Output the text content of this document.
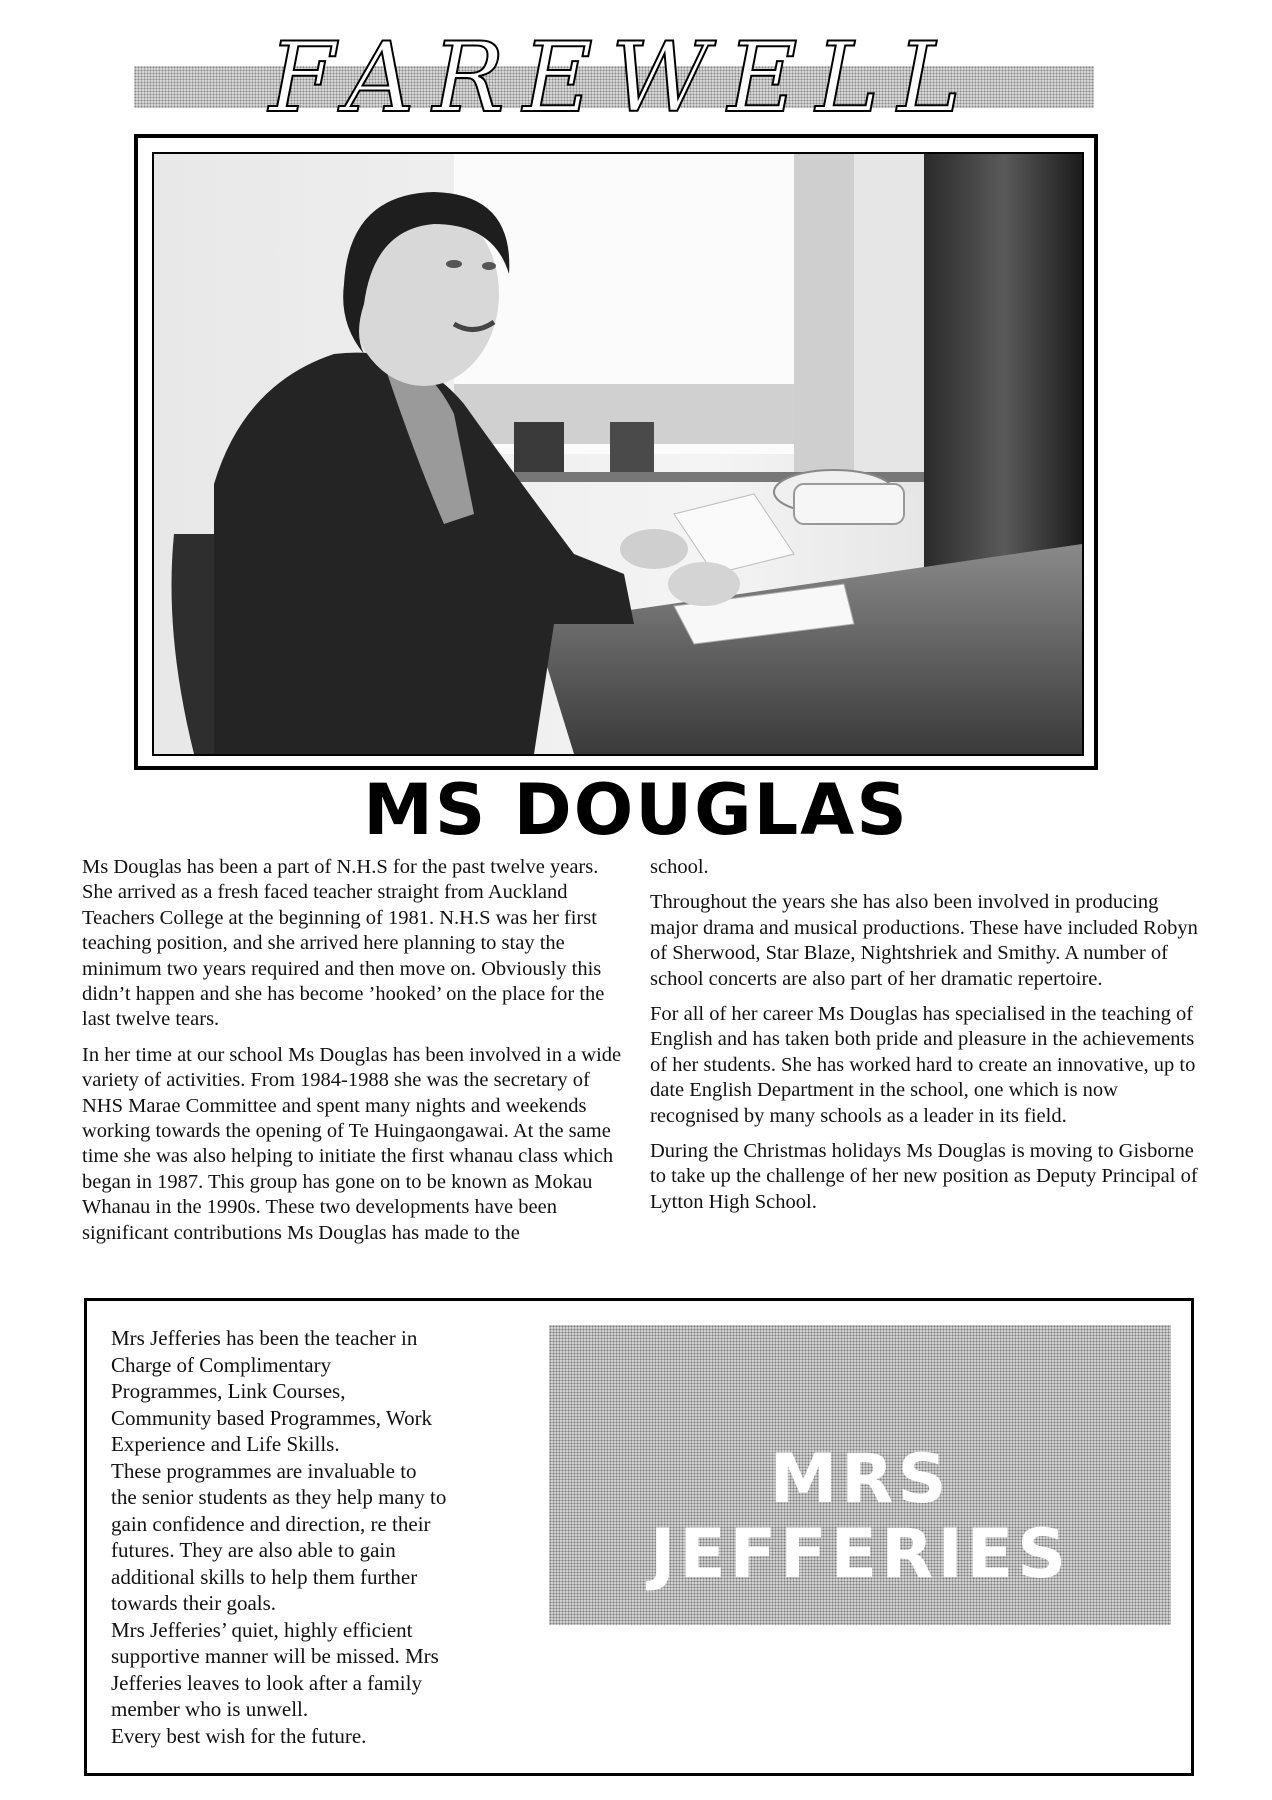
FAREWELL
MS DOUGLAS

Ms Douglas has been a part of N.H.S for the past twelve years. She arrived as a fresh faced teacher straight from Auckland Teachers College at the beginning of 1981. N.H.S was her first teaching position, and she arrived here planning to stay the minimum two years required and then move on. Obviously this didn’t happen and she has become ’hooked’ on the place for the last twelve tears.

In her time at our school Ms Douglas has been involved in a wide variety of activities. From 1984-1988 she was the secretary of NHS Marae Committee and spent many nights and weekends working towards the opening of Te Huingaongawai. At the same time she was also helping to initiate the first whanau class which began in 1987. This group has gone on to be known as Mokau Whanau in the 1990s. These two developments have been significant contributions Ms Douglas has made to the

school.

Throughout the years she has also been involved in producing major drama and musical productions. These have included Robyn of Sherwood, Star Blaze, Nightshriek and Smithy. A number of school concerts are also part of her dramatic repertoire.

For all of her career Ms Douglas has specialised in the teaching of English and has taken both pride and pleasure in the achievements of her students. She has worked hard to create an innovative, up to date English Department in the school, one which is now recognised by many schools as a leader in its field.

During the Christmas holidays Ms Douglas is moving to Gisborne to take up the challenge of her new position as Deputy Principal of Lytton High School.

Mrs Jefferies has been the teacher in

Charge of Complimentary

Programmes, Link Courses,

Community based Programmes, Work

Experience and Life Skills.

These programmes are invaluable to

the senior students as they help many to

gain confidence and direction, re their

futures. They are also able to gain

additional skills to help them further

towards their goals.

Mrs Jefferies’ quiet, highly efficient

supportive manner will be missed. Mrs

Jefferies leaves to look after a family

member who is unwell.

Every best wish for the future.

MRS
JEFFERIES
